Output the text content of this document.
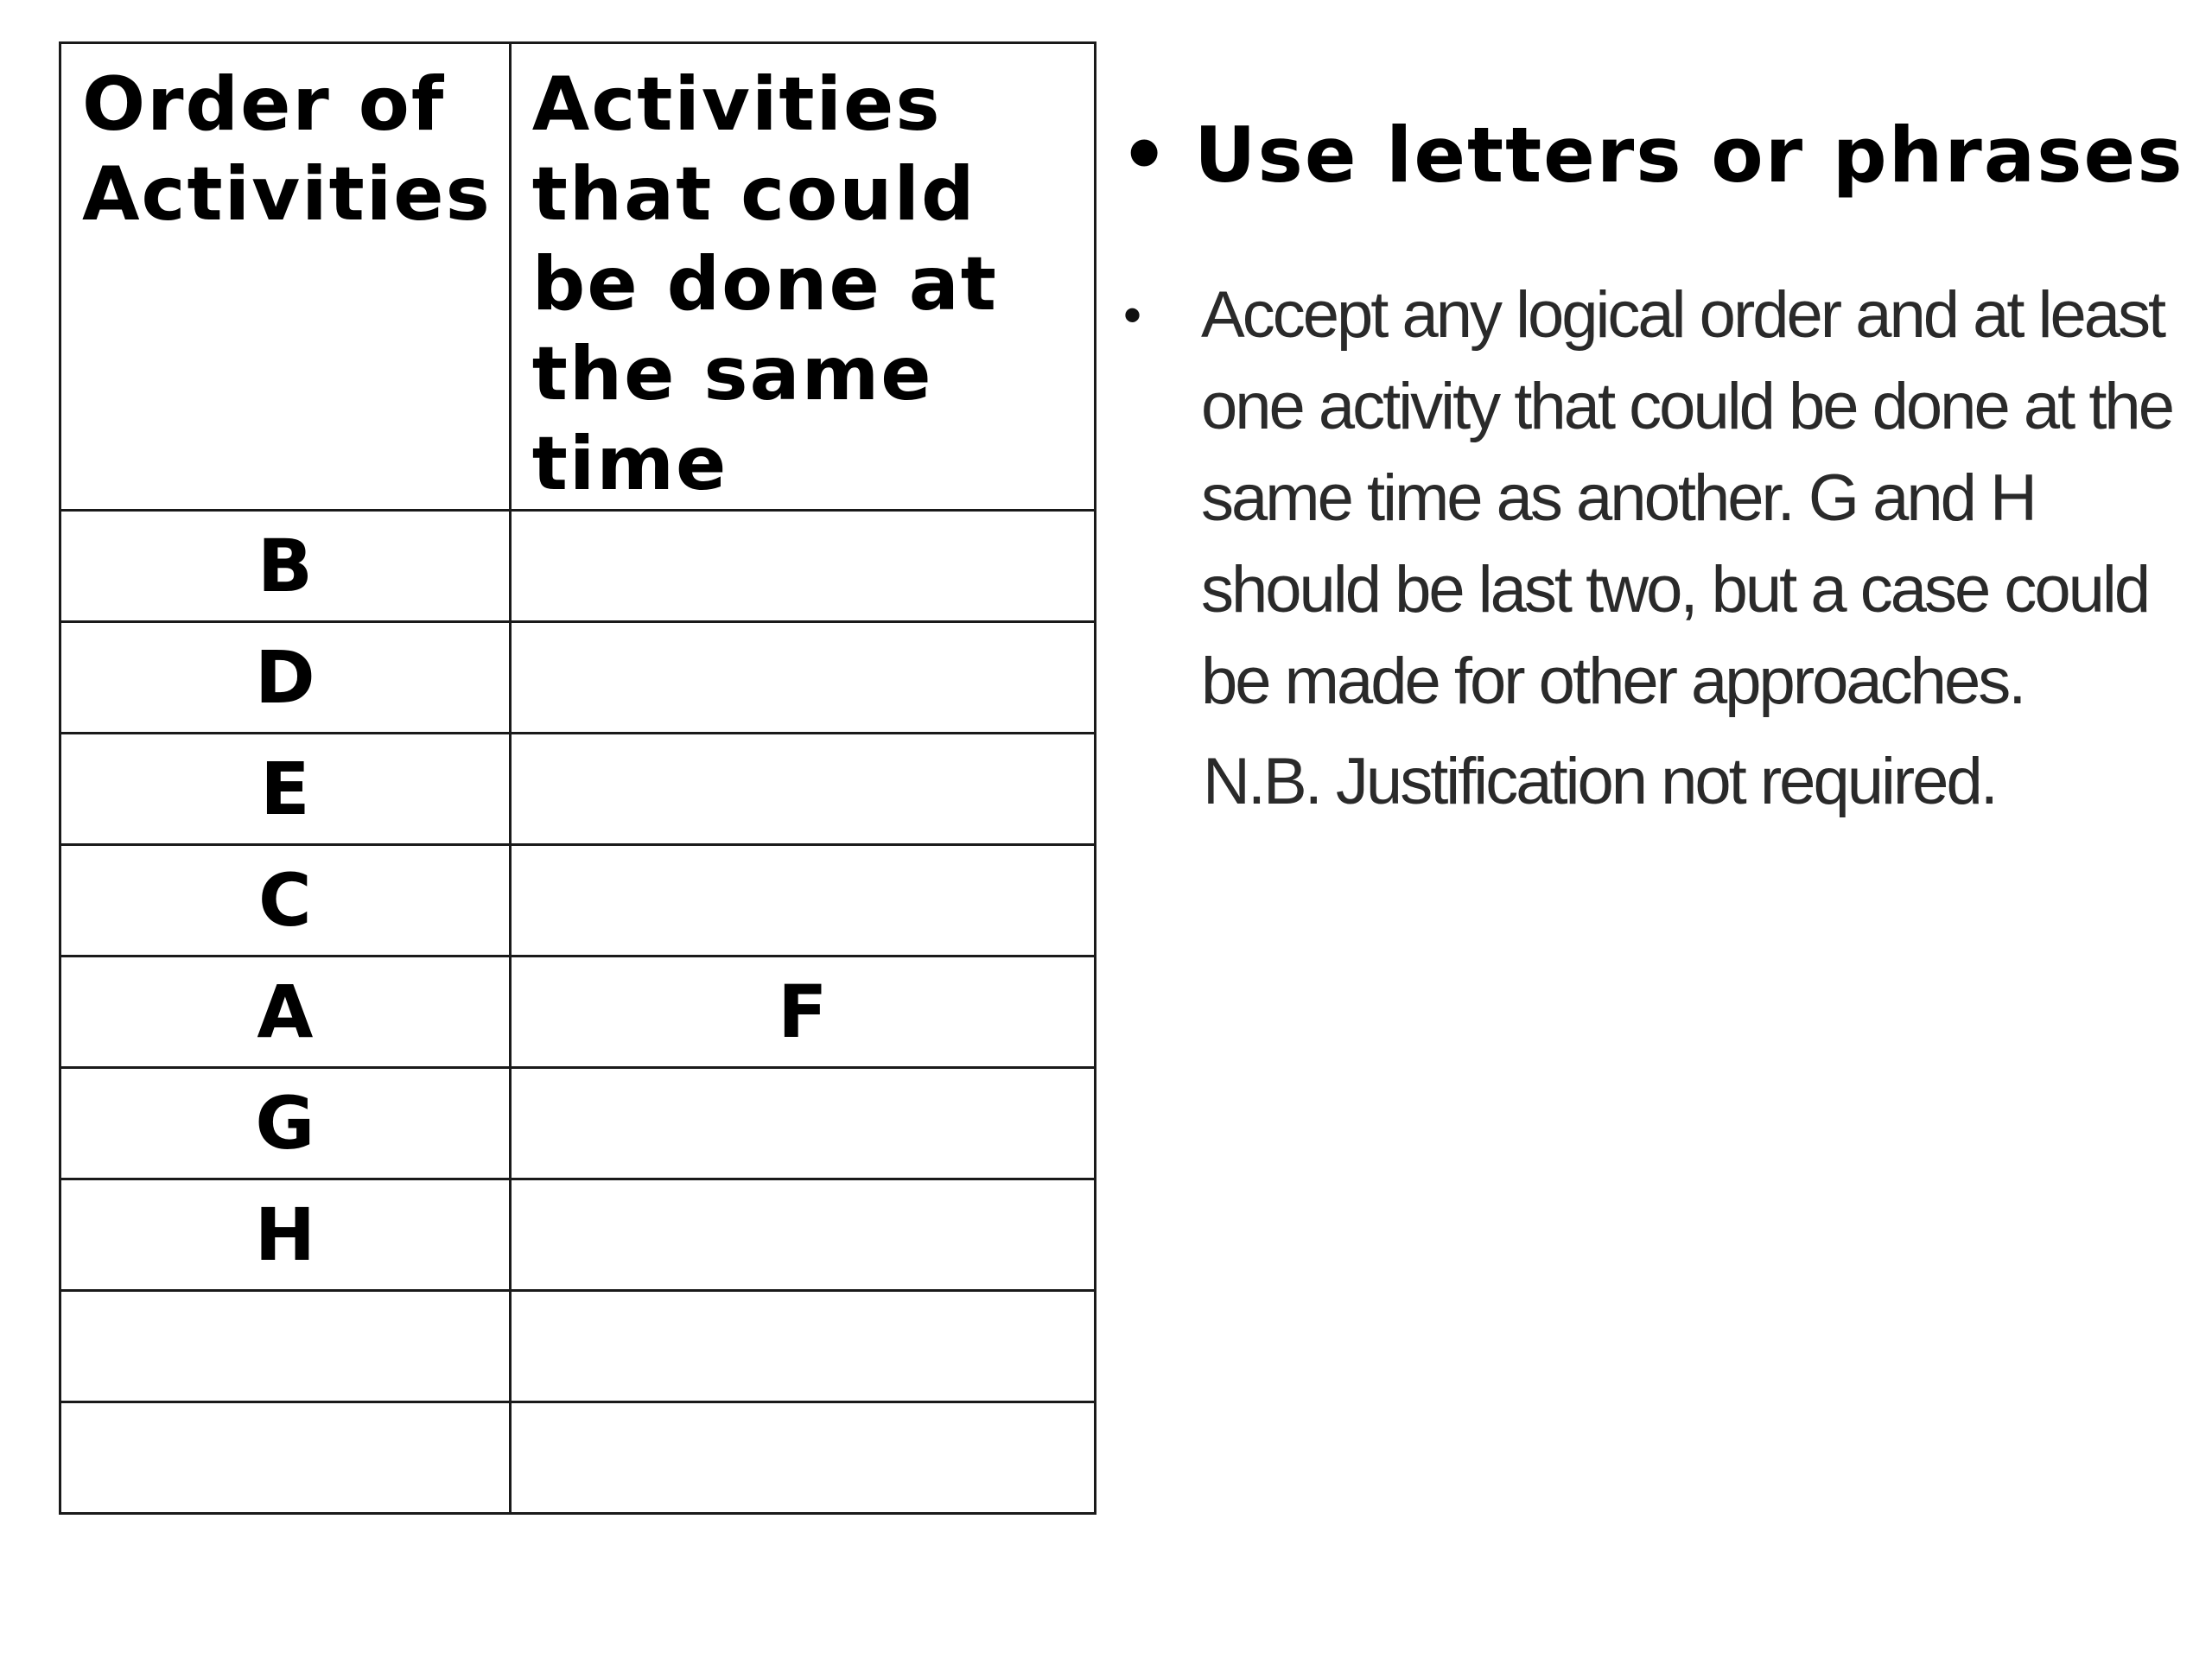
Order of Activities	Activities that could be done at the same time
B	
D	
E	
C	
A	F
G	
H	

• Use letters or phrases
• Accept any logical order and at least one activity that could be done at the same time as another. G and H should be last two, but a case could be made for other approaches.
N.B. Justification not required.
